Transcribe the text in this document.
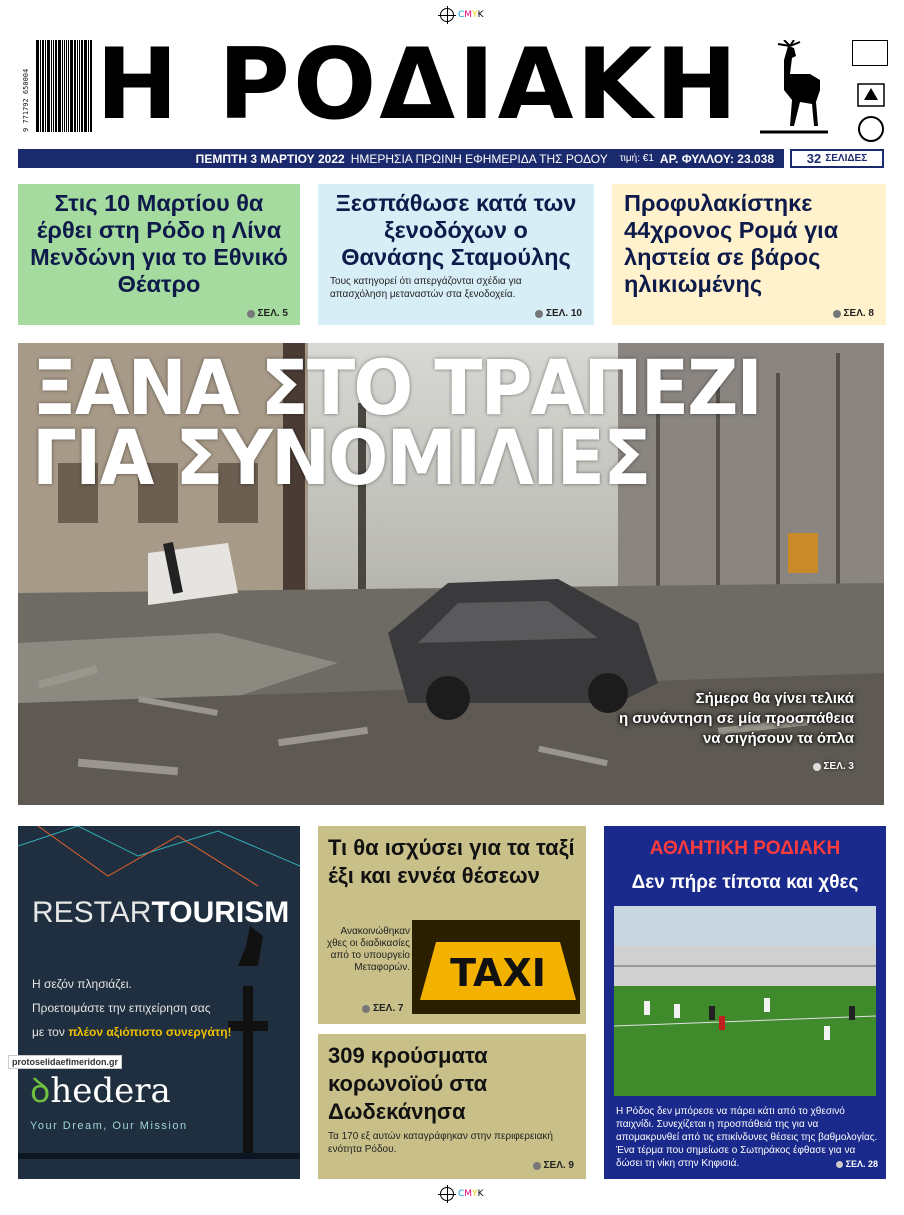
CMYK
9 771792 650004 Η ΡΟΔΙΑΚΗ
ΠΕΜΠΤΗ 3 ΜΑΡΤΙΟΥ 2022 ΗΜΕΡΗΣΙΑ ΠΡΩΙΝΗ ΕΦΗΜΕΡΙΔΑ ΤΗΣ ΡΟΔΟΥ τιμή: €1 ΑΡ. ΦΥΛΛΟΥ: 23.038	32 ΣΕΛΙΔΕΣ
Στις 10 Μαρτίου θα έρθει στη Ρόδο η Λίνα Μενδώνη για το Εθνικό Θέατρο
ΣΕΛ. 5
Ξεσπάθωσε κατά των ξενοδόχων ο Θανάσης Σταμούλης

Τους κατηγορεί ότι απεργάζονται σχέδια για απασχόληση μεταναστών στα ξενοδοχεία.

ΣΕΛ. 10
Προφυλακίστηκε 44χρονος Ρομά για ληστεία σε βάρος ηλικιωμένης
ΣΕΛ. 8
ΞΑΝΑ ΣΤΟ ΤΡΑΠΕΖΙ
ΓΙΑ ΣΥΝΟΜΙΛΙΕΣ
Σήμερα θα γίνει τελικά
η συνάντηση σε μία προσπάθεια
να σιγήσουν τα όπλα
ΣΕΛ. 3
RESTARTOURISM
Η σεζόν πλησιάζει.
Προετοιμάστε την επιχείρηση σας
με τον πλέον αξιόπιστο συνεργάτη!
ꝺhedera
Your Dream, Our Mission
protoselidaefimeridon.gr
Τι θα ισχύσει για τα ταξί έξι και εννέα θέσεων
Ανακοινώθηκαν χθες οι διαδικασίες από το υπουργείο Μεταφορών. TAXI
ΣΕΛ. 7
309 κρούσματα κορωνοϊού στα Δωδεκάνησα

Τα 170 εξ αυτών καταγράφηκαν στην περιφερειακή ενότητα Ρόδου.

ΣΕΛ. 9
ΑΘΛΗΤΙΚΗ ΡΟΔΙΑΚΗ
Δεν πήρε τίποτα και χθες
Η Ρόδος δεν μπόρεσε να πάρει κάτι από το χθεσινό παιχνίδι. Συνεχίζεται η προσπάθειά της για να απομακρυνθεί από τις επικίνδυνες θέσεις της βαθμολογίας. Ένα τέρμα που σημείωσε ο Σωτηράκος έφθασε για να δώσει τη νίκη στην Κηφισιά.	ΣΕΛ. 28
CMYK
